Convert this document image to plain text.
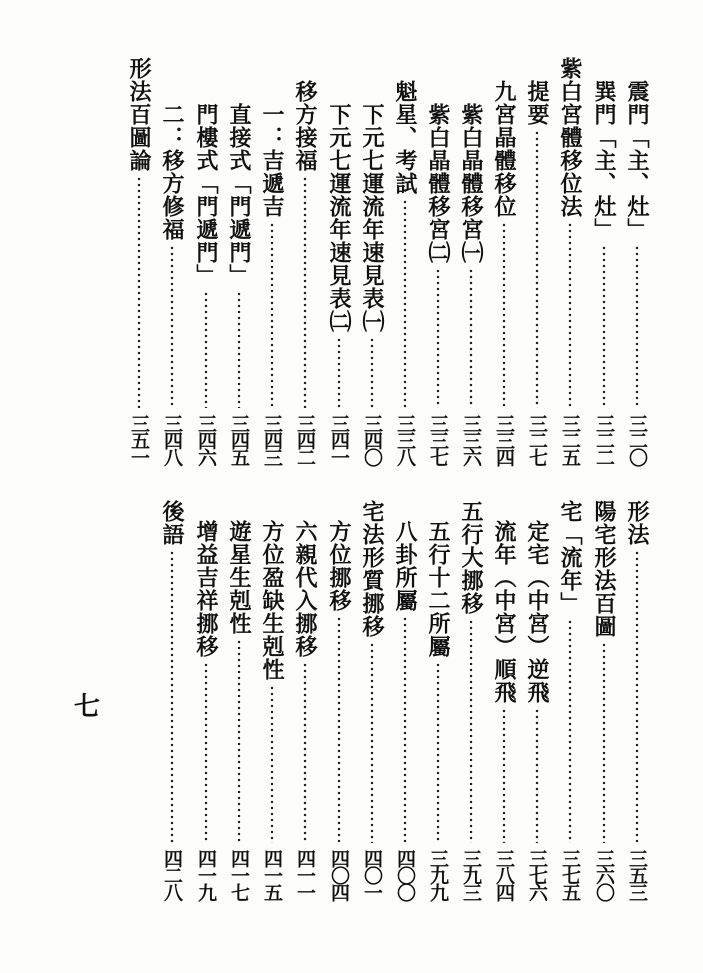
震門「主、灶」
三二〇
巽門「主、灶」
三二二
紫白宮體移位法
三二五
提要
三二七
九宮晶體移位
三三四
紫白晶體移宮㈠
三三六
紫白晶體移宮㈡
三三七
魁星、考試
三三八
下元七運流年速見表㈠
三四〇
下元七運流年速見表㈡
三四一
移方接福
三四二
一：吉遞吉
三四三
直接式「門遞門」
三四五
門樓式「門遞門」
三四六
二：移方修福
三四八
形法百圖論
三五一
形法
三五三
陽宅形法百圖
三六〇
宅「流年」
三七五
定宅（中宮）逆飛
三七六
流年（中宮）順飛
三八四
五行大挪移
三九三
五行十二所屬
三九九
八卦所屬
四〇〇
宅法形質挪移
四〇一
方位挪移
四〇四
六親代入挪移
四一一
方位盈缺生剋性
四一五
遊星生剋性
四一七
增益吉祥挪移
四一九
後語
四二八
七
